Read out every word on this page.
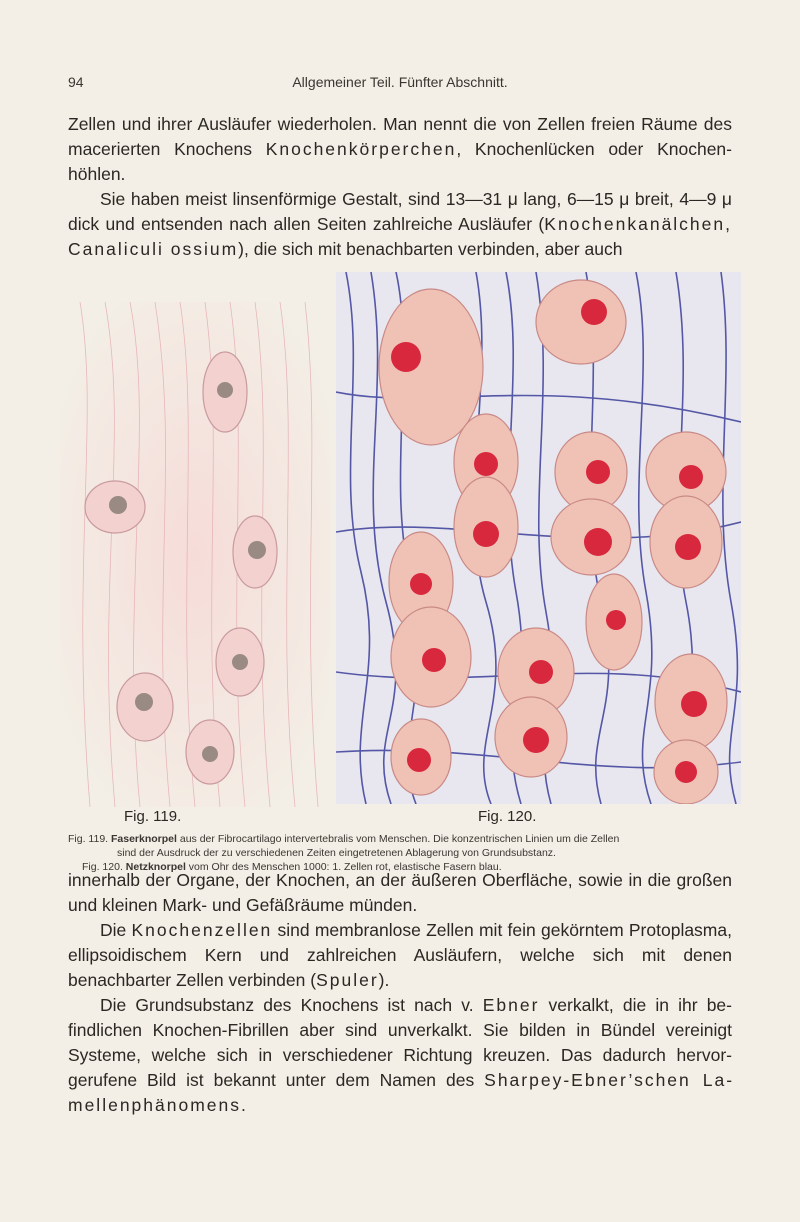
94	Allgemeiner Teil. Fünfter Abschnitt.

Zellen und ihrer Ausläufer wiederholen. Man nennt die von Zellen freien Räume des macerierten Knochens Knochenkörperchen, Knochenlücken oder Knochenhöhlen.

Sie haben meist linsenförmige Gestalt, sind 13—31 μ lang, 6—15 μ breit, 4—9 μ dick und entsenden nach allen Seiten zahlreiche Ausläufer (Knochenkanälchen, Canaliculi ossium), die sich mit benachbarten verbinden, aber auch

Fig. 119.	Fig. 120.

Fig. 119. Faserknorpel aus der Fibrocartilago intervertebralis vom Menschen. Die konzentrischen Linien um die Zellen

sind der Ausdruck der zu verschiedenen Zeiten eingetretenen Ablagerung von Grundsubstanz.

Fig. 120. Netzknorpel vom Ohr des Menschen 1000: 1. Zellen rot, elastische Fasern blau.

innerhalb der Organe, der Knochen, an der äußeren Oberfläche, sowie in die großen und kleinen Mark- und Gefäßräume münden.

Die Knochenzellen sind membranlose Zellen mit fein gekörntem Protoplasma, ellipsoidischem Kern und zahlreichen Ausläufern, welche sich mit denen benachbarter Zellen verbinden (Spuler).

Die Grundsubstanz des Knochens ist nach v. Ebner verkalkt, die in ihr befindlichen Knochen-Fibrillen aber sind unverkalkt. Sie bilden in Bündel vereinigt Systeme, welche sich in verschiedener Richtung kreuzen. Das dadurch hervorgerufene Bild ist bekannt unter dem Namen des Sharpey-Ebner’schen Lamellenphänomens.
